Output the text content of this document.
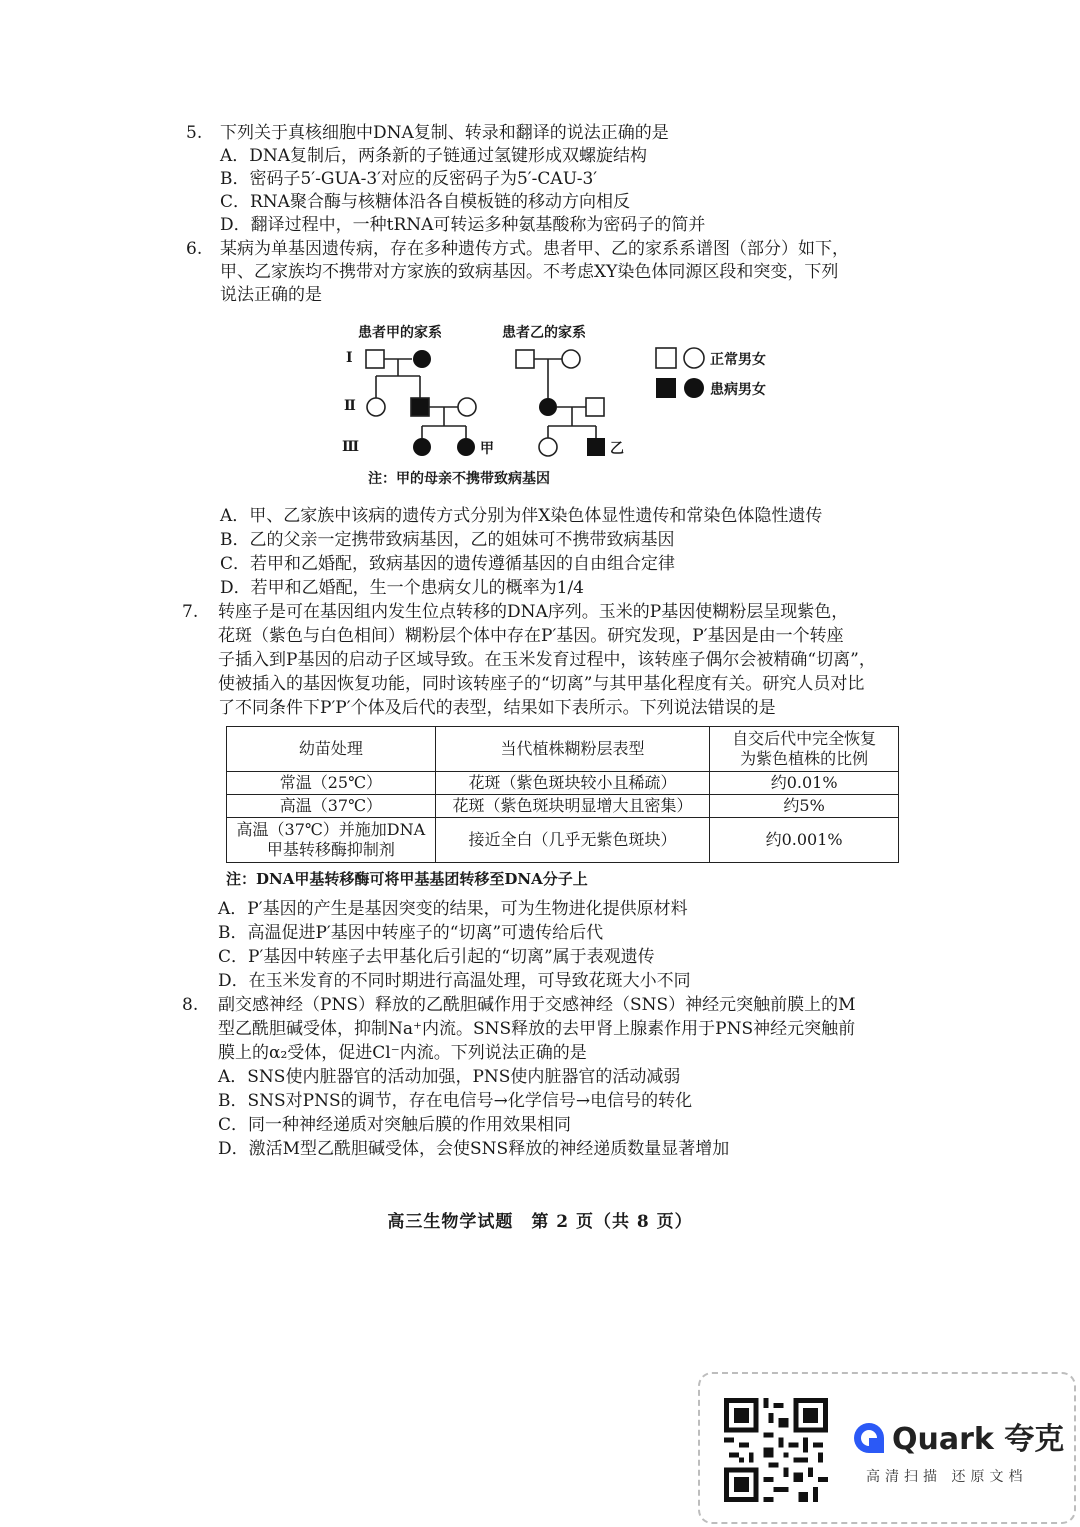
5. 下列关于真核细胞中DNA复制、转录和翻译的说法正确的是
A．DNA复制后，两条新的子链通过氢键形成双螺旋结构
B．密码子5′-GUA-3′对应的反密码子为5′-CAU-3′
C．RNA聚合酶与核糖体沿各自模板链的移动方向相反
D．翻译过程中，一种tRNA可转运多种氨基酸称为密码子的简并
6. 某病为单基因遗传病，存在多种遗传方式。患者甲、乙的家系系谱图（部分）如下，
甲、乙家族均不携带对方家族的致病基因。不考虑XY染色体同源区段和突变，下列
说法正确的是
患者甲的家系	患者乙的家系
Ⅰ
Ⅱ
Ⅲ	甲	乙
正常男女
患病男女
注：甲的母亲不携带致病基因
A．甲、乙家族中该病的遗传方式分别为伴X染色体显性遗传和常染色体隐性遗传
B．乙的父亲一定携带致病基因，乙的姐妹可不携带致病基因
C．若甲和乙婚配，致病基因的遗传遵循基因的自由组合定律
D．若甲和乙婚配，生一个患病女儿的概率为1/4
7. 转座子是可在基因组内发生位点转移的DNA序列。玉米的P基因使糊粉层呈现紫色，
花斑（紫色与白色相间）糊粉层个体中存在P′基因。研究发现，P′基因是由一个转座
子插入到P基因的启动子区域导致。在玉米发育过程中，该转座子偶尔会被精确“切离”，
使被插入的基因恢复功能，同时该转座子的“切离”与其甲基化程度有关。研究人员对比
了不同条件下P′P′个体及后代的表型，结果如下表所示。下列说法错误的是
幼苗处理	当代植株糊粉层表型	自交后代中完全恢复
为紫色植株的比例

常温（25℃）	花斑（紫色斑块较小且稀疏）	约0.01%
高温（37℃）	花斑（紫色斑块明显增大且密集）	约5%

高温（37℃）并施加DNA
甲基转移酶抑制剂	接近全白（几乎无紫色斑块）	约0.001%
注：DNA甲基转移酶可将甲基基团转移至DNA分子上
A．P′基因的产生是基因突变的结果，可为生物进化提供原材料
B．高温促进P′基因中转座子的“切离”可遗传给后代
C．P′基因中转座子去甲基化后引起的“切离”属于表观遗传
D．在玉米发育的不同时期进行高温处理，可导致花斑大小不同
8. 副交感神经（PNS）释放的乙酰胆碱作用于交感神经（SNS）神经元突触前膜上的M
型乙酰胆碱受体，抑制Na⁺内流。SNS释放的去甲肾上腺素作用于PNS神经元突触前
膜上的α₂受体，促进Cl⁻内流。下列说法正确的是
A．SNS使内脏器官的活动加强，PNS使内脏器官的活动减弱
B．SNS对PNS的调节，存在电信号→化学信号→电信号的转化
C．同一种神经递质对突触后膜的作用效果相同
D．激活M型乙酰胆碱受体，会使SNS释放的神经递质数量显著增加
高三生物学试题　第 2 页（共 8 页）
Quark 夸克
高清扫描 还原文档
